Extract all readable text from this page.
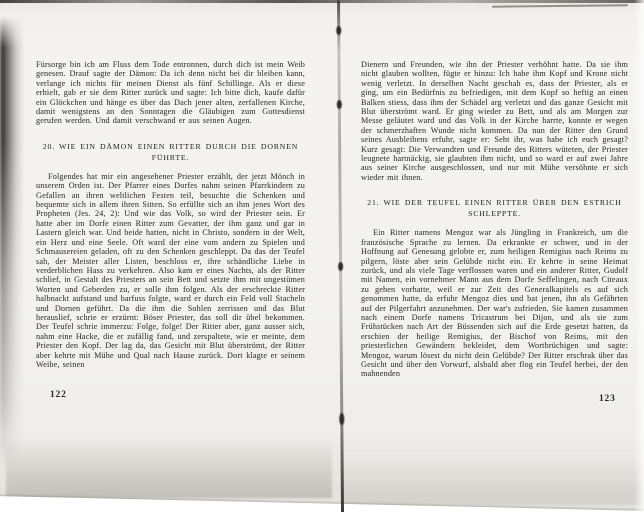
Fürsorge bin ich am Fluss dem Tode entronnen, durch dich ist mein Weib genesen. Drauf sagte der Dämon: Da ich denn nicht bei dir bleiben kann, verlange ich nichts für meinen Dienst als fünf Schillinge. Als er diese erhielt, gab er sie dem Ritter zurück und sagte: Ich bitte dich, kaufe dafür ein Glöckchen und hänge es über das Dach jener alten, zerfallenen Kirche, damit wenigstens an den Sonntagen die Gläubigen zum Gottesdienst gerufen werden. Und damit verschwand er aus seinen Augen.

20. WIE EIN DÄMON EINEN RITTER DURCH DIE DORNEN FÜHRTE.

Folgendes hat mir ein angesehener Priester erzählt, der jetzt Mönch in unserem Orden ist. Der Pfarrer eines Dorfes nahm seinen Pfarrkindern zu Gefallen an ihren weltlichen Festen teil, besuchte die Schenken und bequemte sich in allem ihren Sitten. So erfüllte sich an ihm jenes Wort des Propheten (Jes. 24, 2): Und wie das Volk, so wird der Priester sein. Er hatte aber im Dorfe einen Ritter zum Gevatter, der ihm ganz und gar in Lastern gleich war. Und beide hatten, nicht in Christo, sondern in der Welt, ein Herz und eine Seele. Oft ward der eine vom andern zu Spielen und Schmausereien geladen, oft zu den Schenken geschleppt. Da das der Teufel sah, der Meister aller Listen, beschloss er, ihre schändliche Liebe in verderblichen Hass zu verkehren. Also kam er eines Nachts, als der Ritter schlief, in Gestalt des Priesters an sein Bett und setzte ihm mit ungestümen Worten und Geberden zu, er solle ihm folgen. Als der erschreckte Ritter halbnackt aufstand und barfuss folgte, ward er durch ein Feld voll Stacheln und Dornen geführt. Da die ihm die Sohlen zerrissen und das Blut herauslief, schrie er erzürnt: Böser Priester, das soll dir übel bekommen. Der Teufel schrie immerzu: Folge, folge! Der Ritter aber, ganz ausser sich, nahm eine Hacke, die er zufällig fand, und zerspaltete, wie er meinte, dem Priester den Kopf. Der lag da, das Gesicht mit Blut überströmt, der Ritter aber kehrte mit Mühe und Qual nach Hause zurück. Dort klagte er seinem Weibe, seinen

Dienern und Freunden, wie ihn der Priester verhöhnt hatte. Da sie ihm nicht glauben wollten, fügte er hinzu: Ich habe ihm Kopf und Krone nicht wenig verletzt. In derselben Nacht geschah es, dass der Priester, als er ging, um ein Bedürfnis zu befriedigen, mit dem Kopf so heftig an einen Balken stiess, dass ihm der Schädel arg verletzt und das ganze Gesicht mit Blut überströmt ward. Er ging wieder zu Bett, und als am Morgen zur Messe geläutet ward und das Volk in der Kirche harrte, konnte er wegen der schmerzhaften Wunde nicht kommen. Da nun der Ritter den Grund seines Ausbleibens erfuhr, sagte er: Seht ihr, was habe ich euch gesagt? Kurz gesagt: Die Verwandten und Freunde des Ritters wüteten, der Priester leugnete hartnäckig, sie glaubten ihm nicht, und so ward er auf zwei Jahre aus seiner Kirche ausgeschlossen, und nur mit Mühe versöhnte er sich wieder mit ihnen.

21. WIE DER TEUFEL EINEN RITTER ÜBER DEN ESTRICH SCHLEPPTE.

Ein Ritter namens Mengoz war als Jüngling in Frankreich, um die französische Sprache zu lernen. Da erkrankte er schwer, und in der Hoffnung auf Genesung gelobte er, zum heiligen Remigius nach Reims zu pilgern, löste aber sein Gelübde nicht ein. Er kehrte in seine Heimat zurück, und als viele Tage verflossen waren und ein anderer Ritter, Gudolf mit Namen, ein vornehmer Mann aus dem Dorfe Seffelingen, nach Citeaux zu gehen vorhatte, weil er zur Zeit des Generalkapitels es auf sich genommen hatte, da erfuhr Mengoz dies und bat jenen, ihn als Gefährten auf der Pilgerfahrt anzunehmen. Der war's zufrieden. Sie kamen zusammen nach einem Dorfe namens Tricastrum bei Dijon, und als sie zum Frühstücken nach Art der Büssenden sich auf die Erde gesetzt hatten, da erschien der heilige Remigius, der Bischof von Reims, mit den priesterlichen Gewändern bekleidet, dem Wortbrüchigen und sagte: Mengoz, warum lösest du nicht dein Gelübde? Der Ritter erschrak über das Gesicht und über den Vorwurf, alsbald aber flog ein Teufel herbei, der den mahnenden

122	123
